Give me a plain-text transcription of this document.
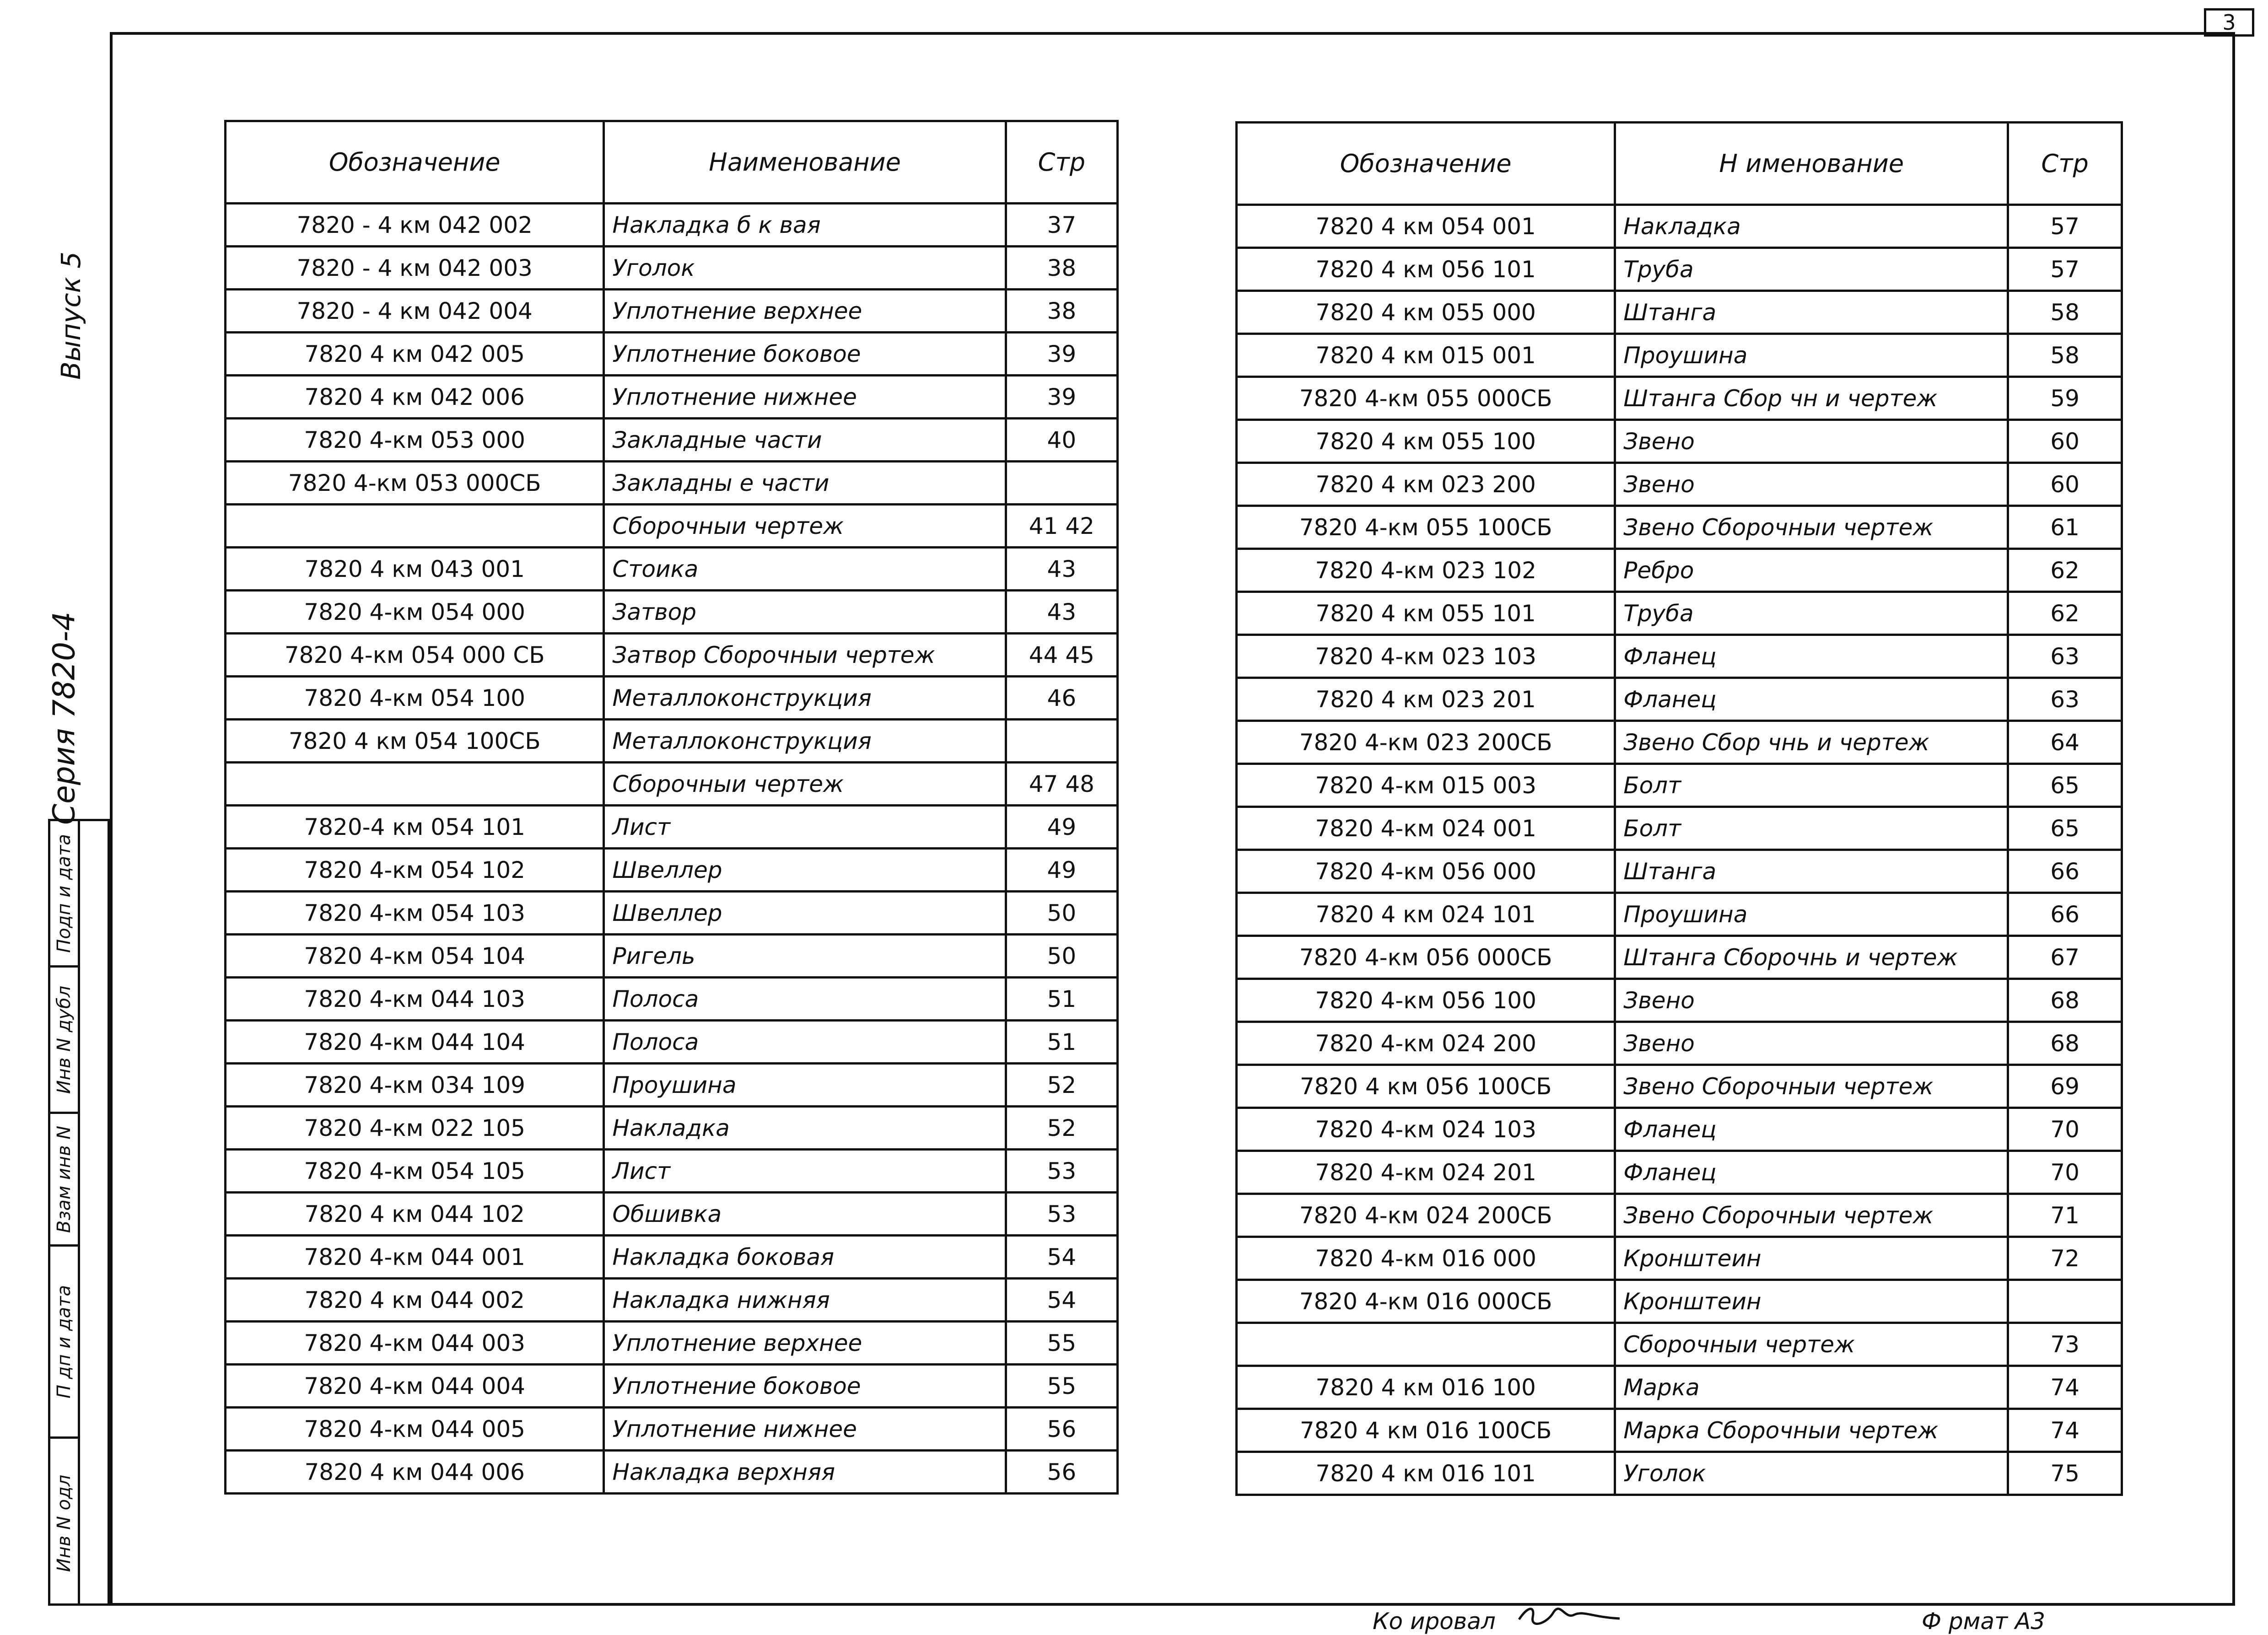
3
Выпуск 5
Серия 7820-4
Подп и дата
Инв N дубл
Взам инв N
П дп и дата
Инв N одл
Обозначение	Наименование	Стр
7820 - 4 км 042 002	Накладка б к вая	37
7820 - 4 км 042 003	Уголок	38
7820 - 4 км 042 004	Уплотнение верхнее	38
7820 4 км 042 005	Уплотнение боковое	39
7820 4 км 042 006	Уплотнение нижнее	39
7820 4-км 053 000	Закладные части	40
7820 4-км 053 000СБ	Закладны е части	
	Сборочныи чертеж	41 42
7820 4 км 043 001	Стоика	43
7820 4-км 054 000	Затвор	43
7820 4-км 054 000 СБ	Затвор Сборочныи чертеж	44 45
7820 4-км 054 100	Металлоконструкция	46
7820 4 км 054 100СБ	Металлоконструкция	
	Сборочныи чертеж	47 48
7820-4 км 054 101	Лист	49
7820 4-км 054 102	Швеллер	49
7820 4-км 054 103	Швеллер	50
7820 4-км 054 104	Ригель	50
7820 4-км 044 103	Полоса	51
7820 4-км 044 104	Полоса	51
7820 4-км 034 109	Проушина	52
7820 4-км 022 105	Накладка	52
7820 4-км 054 105	Лист	53
7820 4 км 044 102	Обшивка	53
7820 4-км 044 001	Накладка боковая	54
7820 4 км 044 002	Накладка нижняя	54
7820 4-км 044 003	Уплотнение верхнее	55
7820 4-км 044 004	Уплотнение боковое	55
7820 4-км 044 005	Уплотнение нижнее	56
7820 4 км 044 006	Накладка верхняя	56
Обозначение	Н именование	Стр
7820 4 км 054 001	Накладка	57
7820 4 км 056 101	Труба	57
7820 4 км 055 000	Штанга	58
7820 4 км 015 001	Проушина	58
7820 4-км 055 000СБ	Штанга Сбор чн и чертеж	59
7820 4 км 055 100	Звено	60
7820 4 км 023 200	Звено	60
7820 4-км 055 100СБ	Звено Сборочныи чертеж	61
7820 4-км 023 102	Ребро	62
7820 4 км 055 101	Труба	62
7820 4-км 023 103	Фланец	63
7820 4 км 023 201	Фланец	63
7820 4-км 023 200СБ	Звено Сбор чнь и чертеж	64
7820 4-км 015 003	Болт	65
7820 4-км 024 001	Болт	65
7820 4-км 056 000	Штанга	66
7820 4 км 024 101	Проушина	66
7820 4-км 056 000СБ	Штанга Сборочнь и чертеж	67
7820 4-км 056 100	Звено	68
7820 4-км 024 200	Звено	68
7820 4 км 056 100СБ	Звено Сборочныи чертеж	69
7820 4-км 024 103	Фланец	70
7820 4-км 024 201	Фланец	70
7820 4-км 024 200СБ	Звено Сборочныи чертеж	71
7820 4-км 016 000	Кронштеин	72
7820 4-км 016 000СБ	Кронштеин	
	Сборочныи чертеж	73
7820 4 км 016 100	Марка	74
7820 4 км 016 100СБ	Марка Сборочныи чертеж	74
7820 4 км 016 101	Уголок	75
Ко ировал	Ф рмат А3
